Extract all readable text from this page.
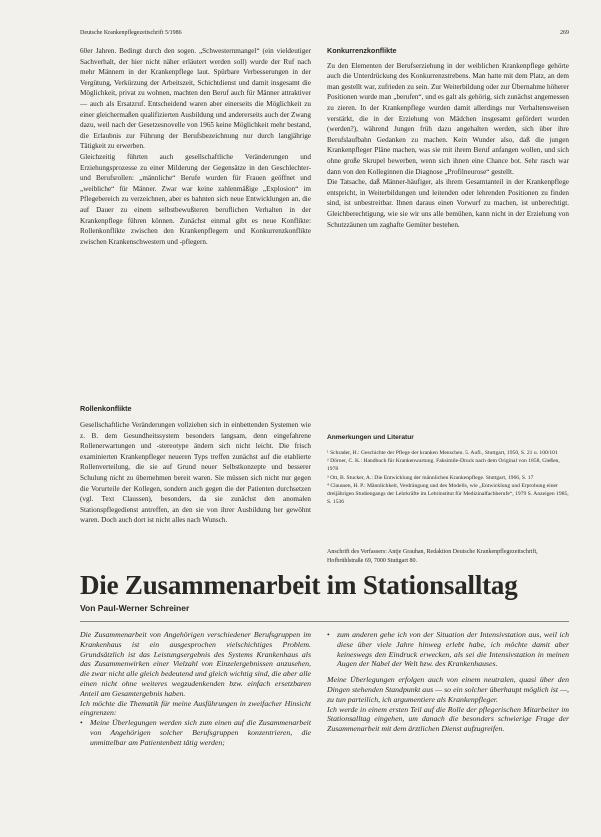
Deutsche Krankenpflegezeitschrift 5/1986	269

60er Jahren. Bedingt durch den sogen. „Schwesternmangel“ (ein vieldeutiger Sachverhalt, der hier nicht näher erläutert werden soll) wurde der Ruf nach mehr Männern in der Krankenpflege laut. Spürbare Verbesserungen in der Vergütung, Verkürzung der Arbeitszeit, Schichtdienst und damit insgesamt die Möglichkeit, privat zu wohnen, machten den Beruf auch für Männer attraktiver — auch als Ersatzruf. Entscheidend waren aber einerseits die Möglichkeit zu einer gleichermaßen qualifizierten Ausbildung und andererseits auch der Zwang dazu, weil nach der Gesetzesnovelle von 1965 keine Möglichkeit mehr bestand, die Erlaubnis zur Führung der Berufsbezeichnung nur durch langjährige Tätigkeit zu erwerben.

Gleichzeitig führten auch gesellschaftliche Veränderungen und Erziehungsprozesse zu einer Milderung der Gegensätze in den Geschlechter- und Berufsrollen: „männliche“ Berufe wurden für Frauen geöffnet und „weibliche“ für Männer. Zwar war keine zahlenmäßige „Explosion“ im Pflegebereich zu verzeichnen, aber es bahnten sich neue Entwicklungen an, die auf Dauer zu einem selbstbewußteren beruflichen Verhalten in der Krankenpflege führen können. Zunächst einmal gibt es neue Konflikte: Rollenkonflikte zwischen den Krankenpflegern und Konkurrenzkonflikte zwischen Krankenschwestern und -pflegern.

Rollenkonflikte

Gesellschaftliche Veränderungen vollziehen sich in einbettenden Systemen wie z. B. dem Gesundheitssystem besonders langsam, denn eingefahrene Rollenerwartungen und -stereotype ändern sich nicht leicht. Die frisch examinierten Krankenpfleger neueren Typs treffen zunächst auf die etablierte Rollenverteilung, die sie auf Grund neuer Selbstkonzepte und besserer Schulung nicht zu übernehmen bereit waren. Sie müssen sich nicht nur gegen die Vorurteile der Kollegen, sondern auch gegen die der Patienten durchsetzen (vgl. Text Claussen), besonders, da sie zunächst den anomalen Stationspflegedienst antreffen, an den sie von ihrer Ausbildung her gewöhnt waren. Doch auch dort ist nicht alles nach Wunsch.

Konkurrenzkonflikte

Zu den Elementen der Berufserziehung in der weiblichen Krankenpflege gehörte auch die Unterdrückung des Konkurrenzstrebens. Man hatte mit dem Platz, an dem man gestellt war, zufrieden zu sein. Zur Weiterbildung oder zur Übernahme höherer Positionen wurde man „berufen“, und es galt als gehörig, sich zunächst angemessen zu zieren. In der Krankenpflege wurden damit allerdings nur Verhaltensweisen verstärkt, die in der Erziehung von Mädchen insgesamt gefördert wurden (werden?), während Jungen früh dazu angehalten werden, sich über ihre Berufslaufbahn Gedanken zu machen. Kein Wunder also, daß die jungen Krankenpfleger Pläne machen, was sie mit ihrem Beruf anfangen wollen, und sich ohne große Skrupel bewerben, wenn sich ihnen eine Chance bot. Sehr rasch war dann von den Kolleginnen die Diagnose „Profilneurose“ gestellt.

Die Tatsache, daß Männer-häufiger, als ihrem Gesamtanteil in der Krankenpflege entspricht, in Weiterbildungen und leitenden oder lehrenden Positionen zu finden sind, ist unbestreitbar. Ihnen daraus einen Vorwurf zu machen, ist unberechtigt. Gleichberechtigung, wie sie wir uns alle bemühen, kann nicht in der Erziehung von Schutzzäunen um zaghafte Gemüter bestehen.

Anmerkungen und Literatur

¹ Schrader, H.: Geschichte der Pflege der kranken Menschen. 5. Aufl., Stuttgart, 1950, S. 21 u. 100/101

² Dörner, C. K.: Handbuch für Krankenwartung. Faksimile-Druck nach dem Original von 1858, Gießen, 1978

³ Ott, B. Stucker, A.: Die Entwicklung der männlichen Krankenpflege. Stuttgart, 1966, S. 17

⁴ Claussen, H. P.: Männlichkeit, Verdrängung und des Modells, wie „Entwicklung und Erprobung einer dreijährigen Studiengangs der Lehrkräfte im Lehrinstitut für Medizinalfachberufe“, 1979 S. Anzeigen 1985, S. 1536

Anschrift des Verfassers: Antje Grauhan, Redaktion Deutsche Krankenpflegezeitschrift, Hofbrühlstraße 69, 7000 Stuttgart 80.
Die Zusammenarbeit im Stationsalltag
Von Paul-Werner Schreiner

Die Zusammenarbeit von Angehörigen verschiedener Berufsgruppen im Krankenhaus ist ein ausgesprochen vielschichtiges Problem. Grundsätzlich ist das Leistungsergebnis des Systems Krankenhaus als das Zusammenwirken einer Vielzahl von Einzelergebnissen anzusehen, die zwar nicht alle gleich bedeutend und gleich wichtig sind, die aber alle einen nicht ohne weiteres wegzudenkenden bzw. einfach ersetzbaren Anteil am Gesamtergebnis haben.

Ich möchte die Thematik für meine Ausführungen in zweifacher Hinsicht eingrenzen:

• Meine Überlegungen werden sich zum einen auf die Zusammenarbeit von Angehörigen solcher Berufsgruppen konzentrieren, die unmittelbar am Patientenbett tätig werden;

• zum anderen gehe ich von der Situation der Intensivstation aus, weil ich diese über viele Jahre hinweg erlebt habe, ich möchte damit aber keineswegs den Eindruck erwecken, als sei die Intensivstation in meinen Augen der Nabel der Welt bzw. des Krankenhauses.

Meine Überlegungen erfolgen auch von einem neutralen, quasi über den Dingen stehenden Standpunkt aus — so ein solcher überhaupt möglich ist —, zu tun parteilich, ich argumentiere als Krankenpfleger.

Ich werde in einem ersten Teil auf die Rolle der pflegerischen Mitarbeiter im Stationsalltag eingehen, um danach die besonders schwierige Frage der Zusammenarbeit mit dem ärztlichen Dienst aufzugreifen.
